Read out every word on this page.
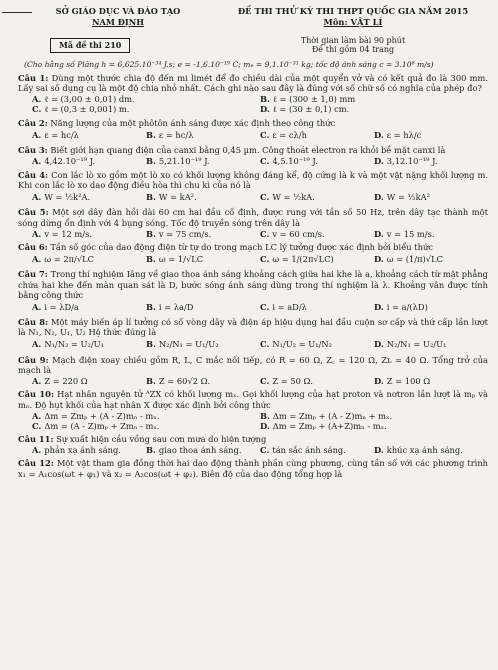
SỞ GIÁO DỤC VÀ ĐÀO TẠO
NAM ĐỊNH
ĐỀ THI THỬ KỲ THI THPT QUỐC GIA NĂM 2015
Môn: VẬT LÍ
Mã đề thi 210	Thời gian làm bài 90 phút
Đề thi gồm 04 trang
(Cho hằng số Plăng h = 6,625.10⁻³⁴ J.s; e = -1,6.10⁻¹⁹ C; mₑ = 9,1.10⁻³¹ kg; tốc độ ánh sáng c = 3.10⁸ m/s)
Câu 1: Dùng một thước chia độ đến mi limét để đo chiều dài của một quyển vở và có kết quả đo là 300 mm. Lấy sai số dụng cụ là một độ chia nhỏ nhất. Cách ghi nào sau đây là đúng với số chữ số có nghĩa của phép đo?
A. ℓ = (3,00 ± 0,01) dm.	B. ℓ = (300 ± 1,0) mm
C. ℓ = (0,3 ± 0,001) m.	D. ℓ = (30 ± 0,1) cm.
Câu 2: Năng lượng của một phôtôn ánh sáng được xác định theo công thức
A. ε = hc/λ	B. ε = hc/λ	C. ε = cλ/h	D. ε = hλ/c
Câu 3: Biết giới hạn quang điện của canxi bằng 0,45 µm. Công thoát electron ra khỏi bề mặt canxi là
A. 4,42.10⁻¹⁹ J.	B. 5,21.10⁻¹⁹ J.	C. 4,5.10⁻¹⁹ J.	D. 3,12.10⁻¹⁹ J.
Câu 4: Con lắc lò xo gồm một lò xo có khối lượng không đáng kể, độ cứng là k và một vật nặng khối lượng m. Khi con lắc lò xo dao động điều hòa thì chu kì của nó là
A. W = ½k²A.	B. W = kA².	C. W = ½kA.	D. W = ½kA²
Câu 5: Một sợi dây đàn hồi dài 60 cm hai đầu cố định, được rung với tần số 50 Hz, trên dây tạc thành một sóng dừng ổn định với 4 bụng sóng. Tốc độ truyền sóng trên dây là
A. v = 12 m/s.	B. v = 75 cm/s.	C. v = 60 cm/s.	D. v = 15 m/s.
Câu 6: Tần số góc của dao động điện từ tự do trong mạch LC lý tưởng được xác định bởi biểu thức
A. ω = 2π/√LC	B. ω = 1/√LC	C. ω = 1/(2π√LC)	D. ω = (1/π)√LC
Câu 7: Trong thí nghiệm Iâng về giao thoa ánh sáng khoảng cách giữa hai khe là a, khoảng cách từ mặt phẳng chứa hai khe đến màn quan sát là D, bước sóng ánh sáng dùng trong thí nghiệm là λ. Khoảng vân được tính bằng công thức
A. i = λD/a	B. i = λa/D	C. i = aD/λ	D. i = a/(λD)
Câu 8: Một máy biến áp lí tưởng có số vòng dây và điện áp hiệu dụng hai đầu cuộn sơ cấp và thứ cấp lần lượt là N₁, N₂, U₁, U₂ Hệ thức đúng là
A. N₁/N₂ = U₂/U₁	B. N₂/N₁ = U₁/U₂	C. N₁/U₂ = U₁/N₂	D. N₂/N₁ = U₂/U₁
Câu 9: Mạch điện xoay chiều gồm R, L, C mắc nối tiếp, có R = 60 Ω, Z꜀ = 120 Ω, Zʟ = 40 Ω. Tổng trở của mạch là
A. Z = 220 Ω	B. Z = 60√2 Ω.	C. Z = 50 Ω.	D. Z = 100 Ω
Câu 10: Hạt nhân nguyên tử ᴬZX có khối lượng mₓ. Gọi khối lượng của hạt proton và nơtron lần lượt là mₚ và mₙ. Độ hụt khối của hạt nhân X được xác định bởi công thức
A. Δm = Zmₚ + (A - Z)mₙ - mₓ.	B. Δm = Zmₚ + (A - Z)mₙ + mₓ.
C. Δm = (A - Z)mₚ + Zmₙ - mₓ.	D. Δm = Zmₚ + (A+Z)mₙ - mₓ.
Câu 11: Sự xuất hiện cầu vồng sau cơn mưa do hiện tượng
A. phản xạ ánh sáng.	B. giao thoa ánh sáng.	C. tán sắc ánh sáng.	D. khúc xạ ánh sáng.
Câu 12: Một vật tham gia đồng thời hai dao động thành phần cùng phương, cùng tần số với các phương trình x₁ = A₁cos(ωt + φ₁) và x₂ = A₂cos(ωt + φ₂). Biên độ của dao động tổng hợp là
